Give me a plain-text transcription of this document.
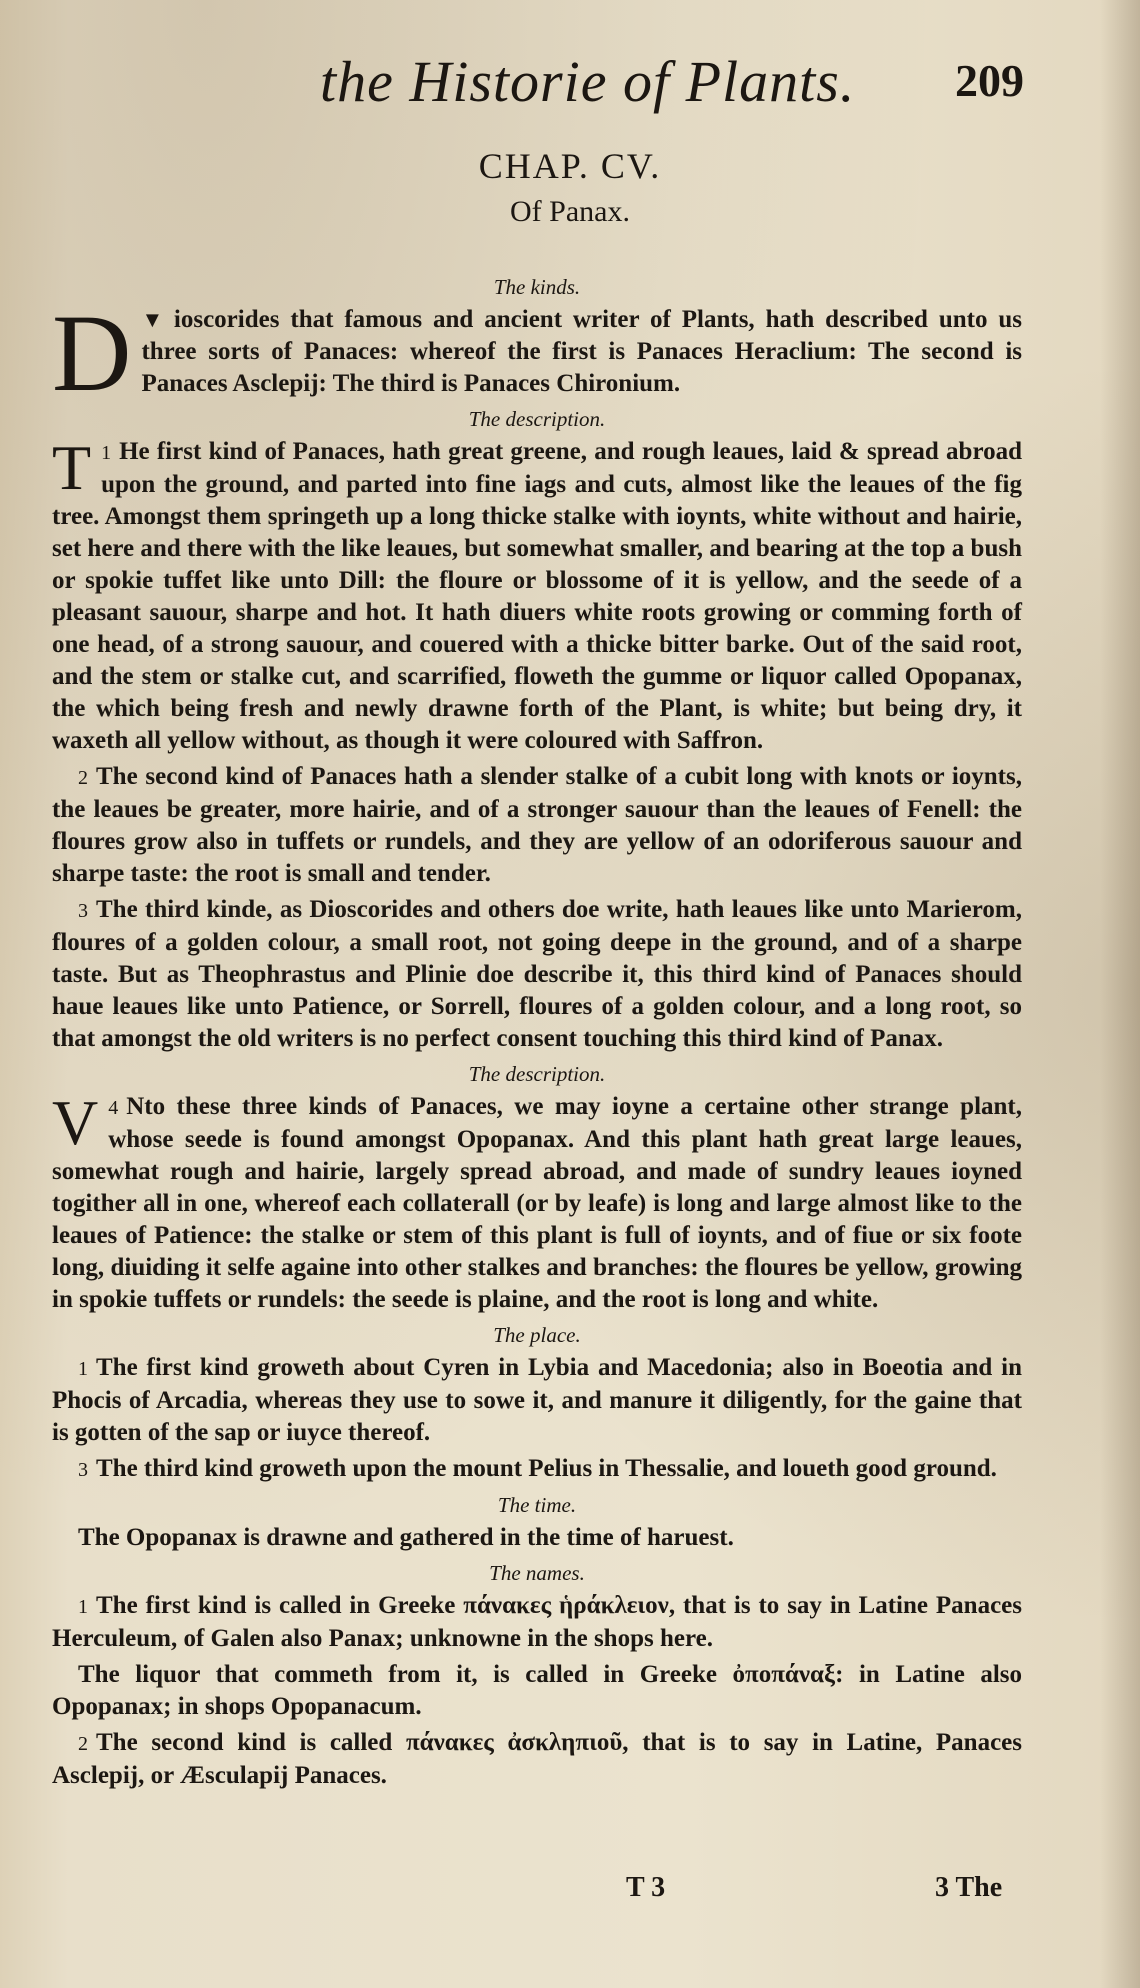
the Historie of Plants. 209
CHAP. CV.
Of Panax.
The kinds.

▼
D ioscorides that famous and ancient writer of Plants, hath described unto us three sorts of Panaces: whereof the first is Panaces Heraclium: The second is Panaces Asclepij: The third is Panaces Chironium.

The description.

1
T He first kind of Panaces, hath great greene, and rough leaues, laid & spread abroad upon the ground, and parted into fine iags and cuts, almost like the leaues of the fig tree. Amongst them springeth up a long thicke stalke with ioynts, white without and hairie, set here and there with the like leaues, but somewhat smaller, and bearing at the top a bush or spokie tuffet like unto Dill: the floure or blossome of it is yellow, and the seede of a pleasant sauour, sharpe and hot. It hath diuers white roots growing or comming forth of one head, of a strong sauour, and couered with a thicke bitter barke. Out of the said root, and the stem or stalke cut, and scarrified, floweth the gumme or liquor called Opopanax, the which being fresh and newly drawne forth of the Plant, is white; but being dry, it waxeth all yellow without, as though it were coloured with Saffron.

2 The second kind of Panaces hath a slender stalke of a cubit long with knots or ioynts, the leaues be greater, more hairie, and of a stronger sauour than the leaues of Fenell: the floures grow also in tuffets or rundels, and they are yellow of an odoriferous sauour and sharpe taste: the root is small and tender.

3 The third kinde, as Dioscorides and others doe write, hath leaues like unto Marierom, floures of a golden colour, a small root, not going deepe in the ground, and of a sharpe taste. But as Theophrastus and Plinie doe describe it, this third kind of Panaces should haue leaues like unto Patience, or Sorrell, floures of a golden colour, and a long root, so that amongst the old writers is no perfect consent touching this third kind of Panax.

The description.

4
V Nto these three kinds of Panaces, we may ioyne a certaine other strange plant, whose seede is found amongst Opopanax. And this plant hath great large leaues, somewhat rough and hairie, largely spread abroad, and made of sundry leaues ioyned togither all in one, whereof each collaterall (or by leafe) is long and large almost like to the leaues of Patience: the stalke or stem of this plant is full of ioynts, and of fiue or six foote long, diuiding it selfe againe into other stalkes and branches: the floures be yellow, growing in spokie tuffets or rundels: the seede is plaine, and the root is long and white.

The place.

1 The first kind groweth about Cyren in Lybia and Macedonia; also in Boeotia and in Phocis of Arcadia, whereas they use to sowe it, and manure it diligently, for the gaine that is gotten of the sap or iuyce thereof.

3 The third kind groweth upon the mount Pelius in Thessalie, and loueth good ground.

The time.

The Opopanax is drawne and gathered in the time of haruest.

The names.

1 The first kind is called in Greeke πάνακες ἡράκλειον, that is to say in Latine Panaces Herculeum, of Galen also Panax; unknowne in the shops here.

The liquor that commeth from it, is called in Greeke ὀποπάναξ: in Latine also Opopanax; in shops Opopanacum.

2 The second kind is called πάνακες ἀσκληπιοῦ, that is to say in Latine, Panaces Asclepij, or Æsculapij Panaces.

T 3	3 The
